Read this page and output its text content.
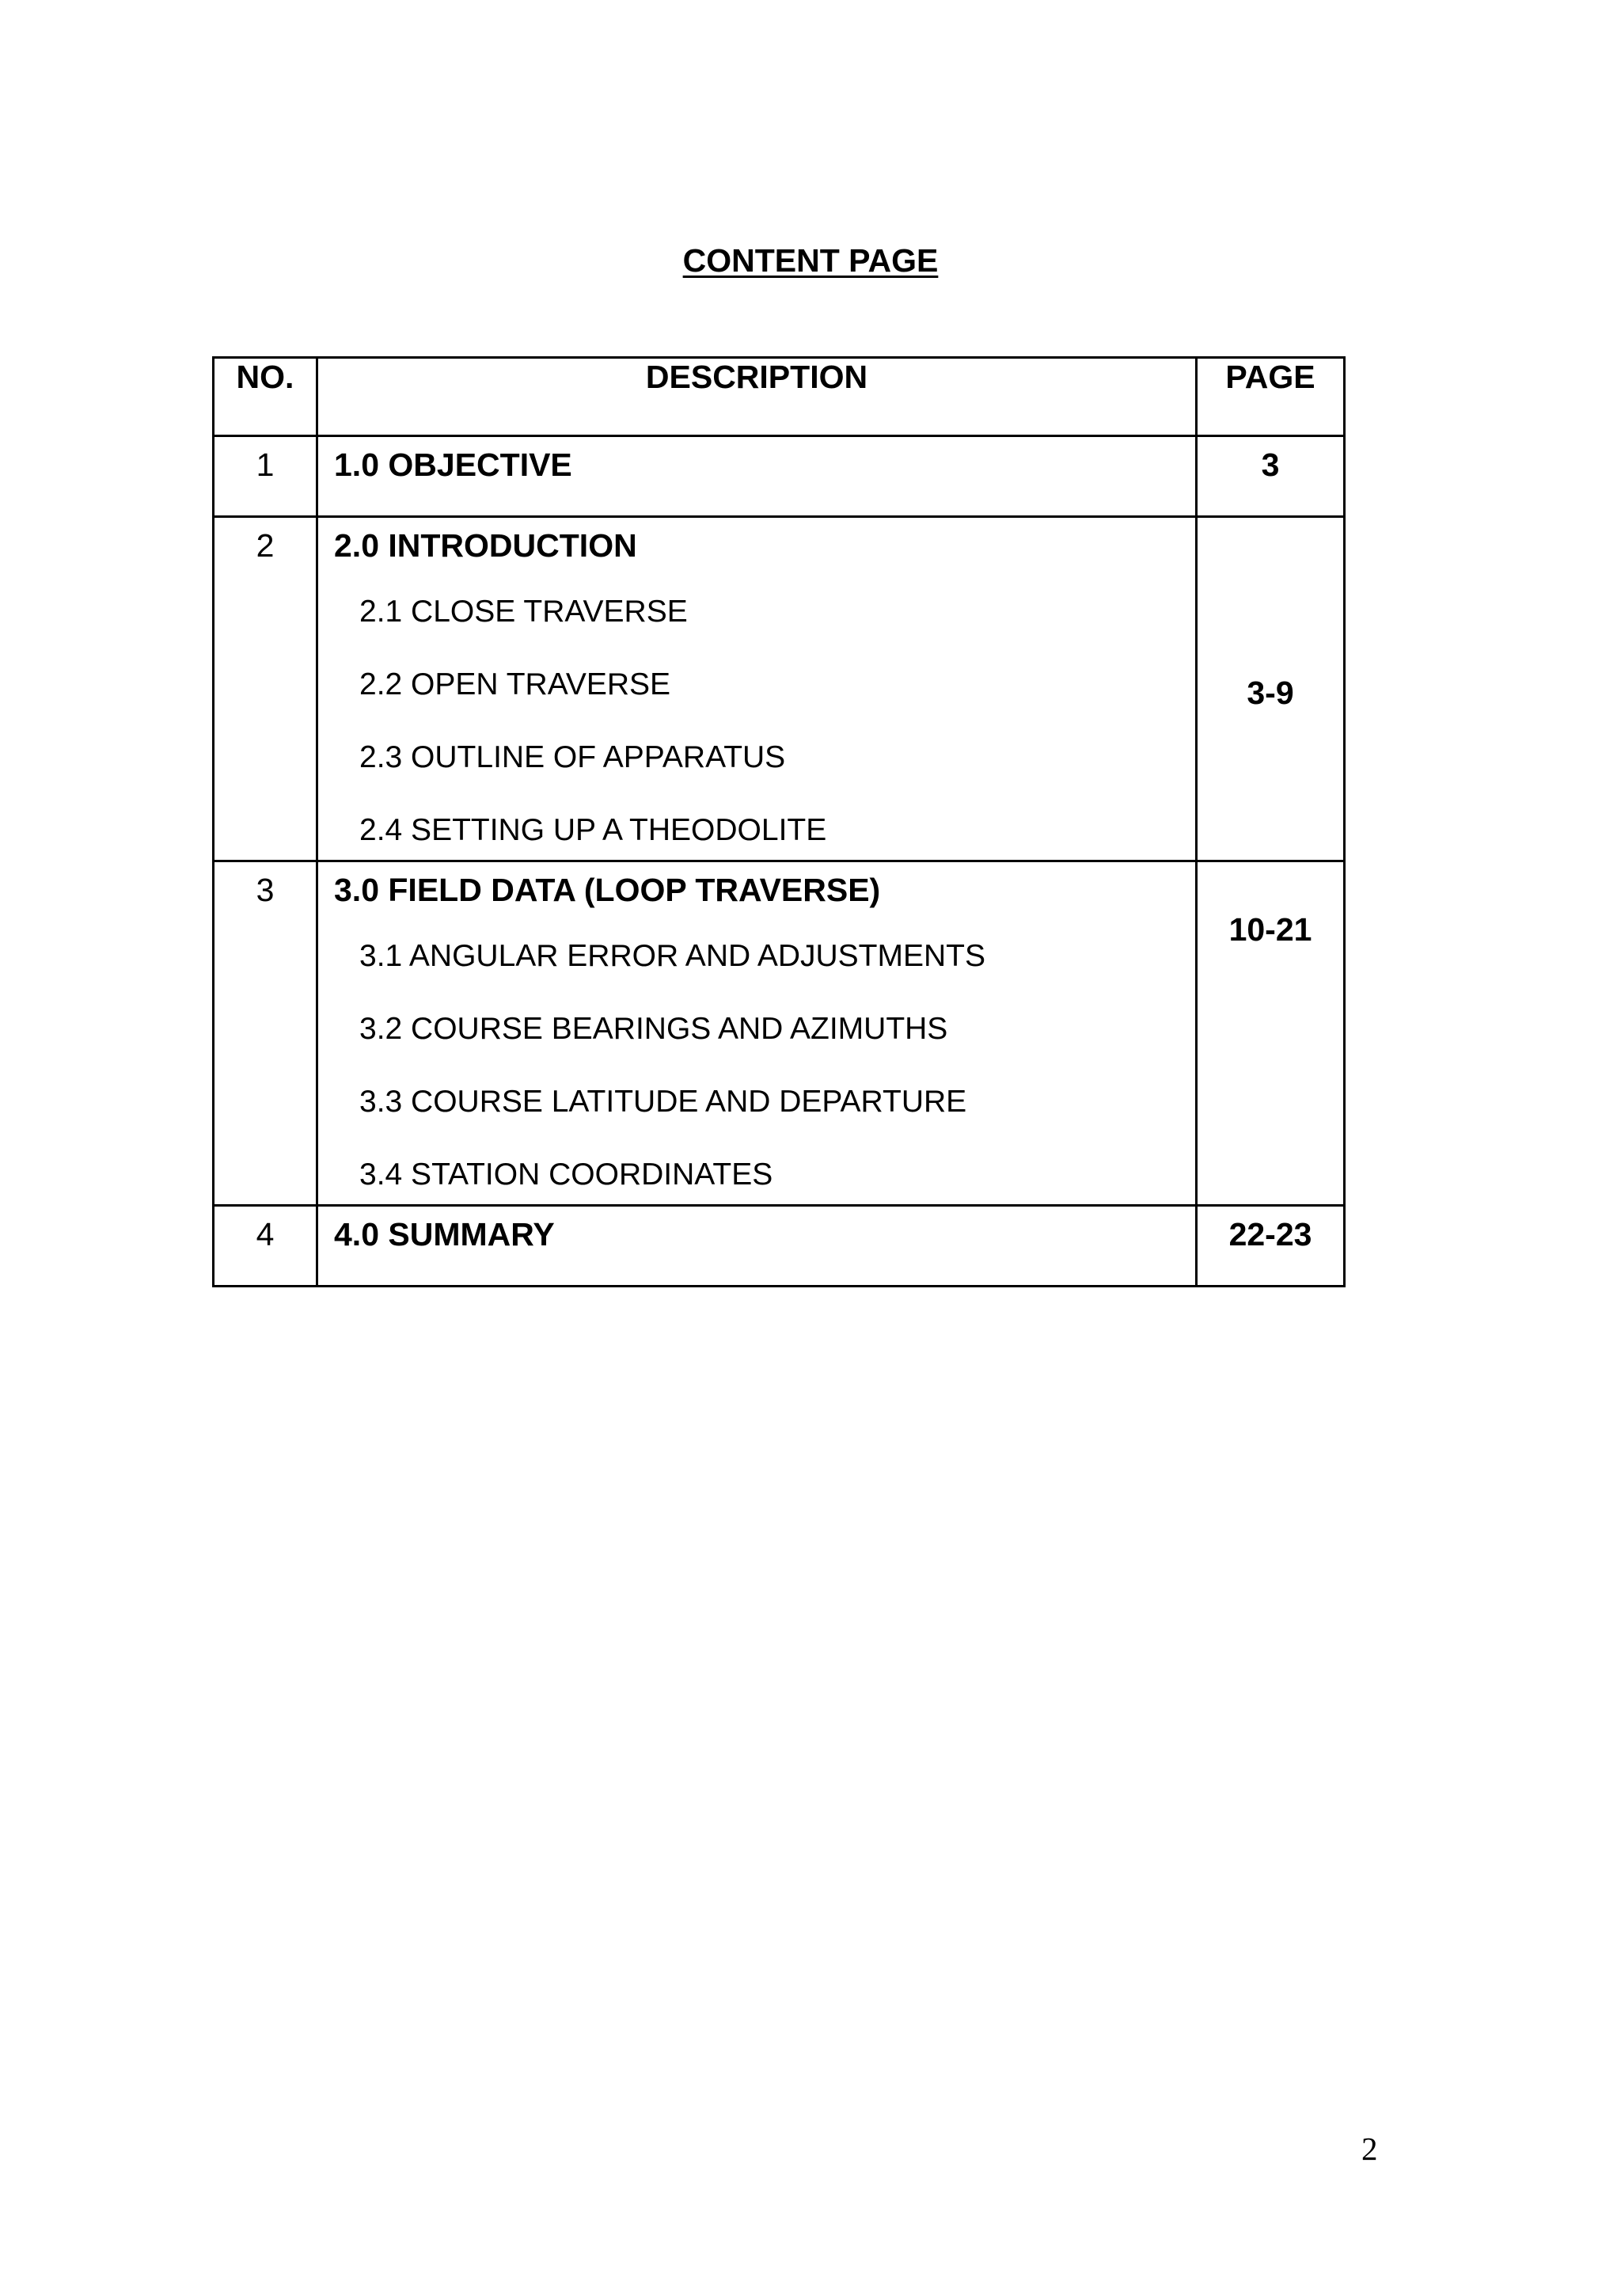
CONTENT PAGE
NO.	DESCRIPTION	PAGE
1	1.0 OBJECTIVE	3
2	2.0 INTRODUCTION
2.1 CLOSE TRAVERSE
2.2 OPEN TRAVERSE
2.3 OUTLINE OF APPARATUS
2.4 SETTING UP A THEODOLITE	3-9
3	3.0 FIELD DATA (LOOP TRAVERSE)
3.1 ANGULAR ERROR AND ADJUSTMENTS
3.2 COURSE BEARINGS AND AZIMUTHS
3.3 COURSE LATITUDE AND DEPARTURE
3.4 STATION COORDINATES	10-21
4	4.0 SUMMARY	22-23
2
